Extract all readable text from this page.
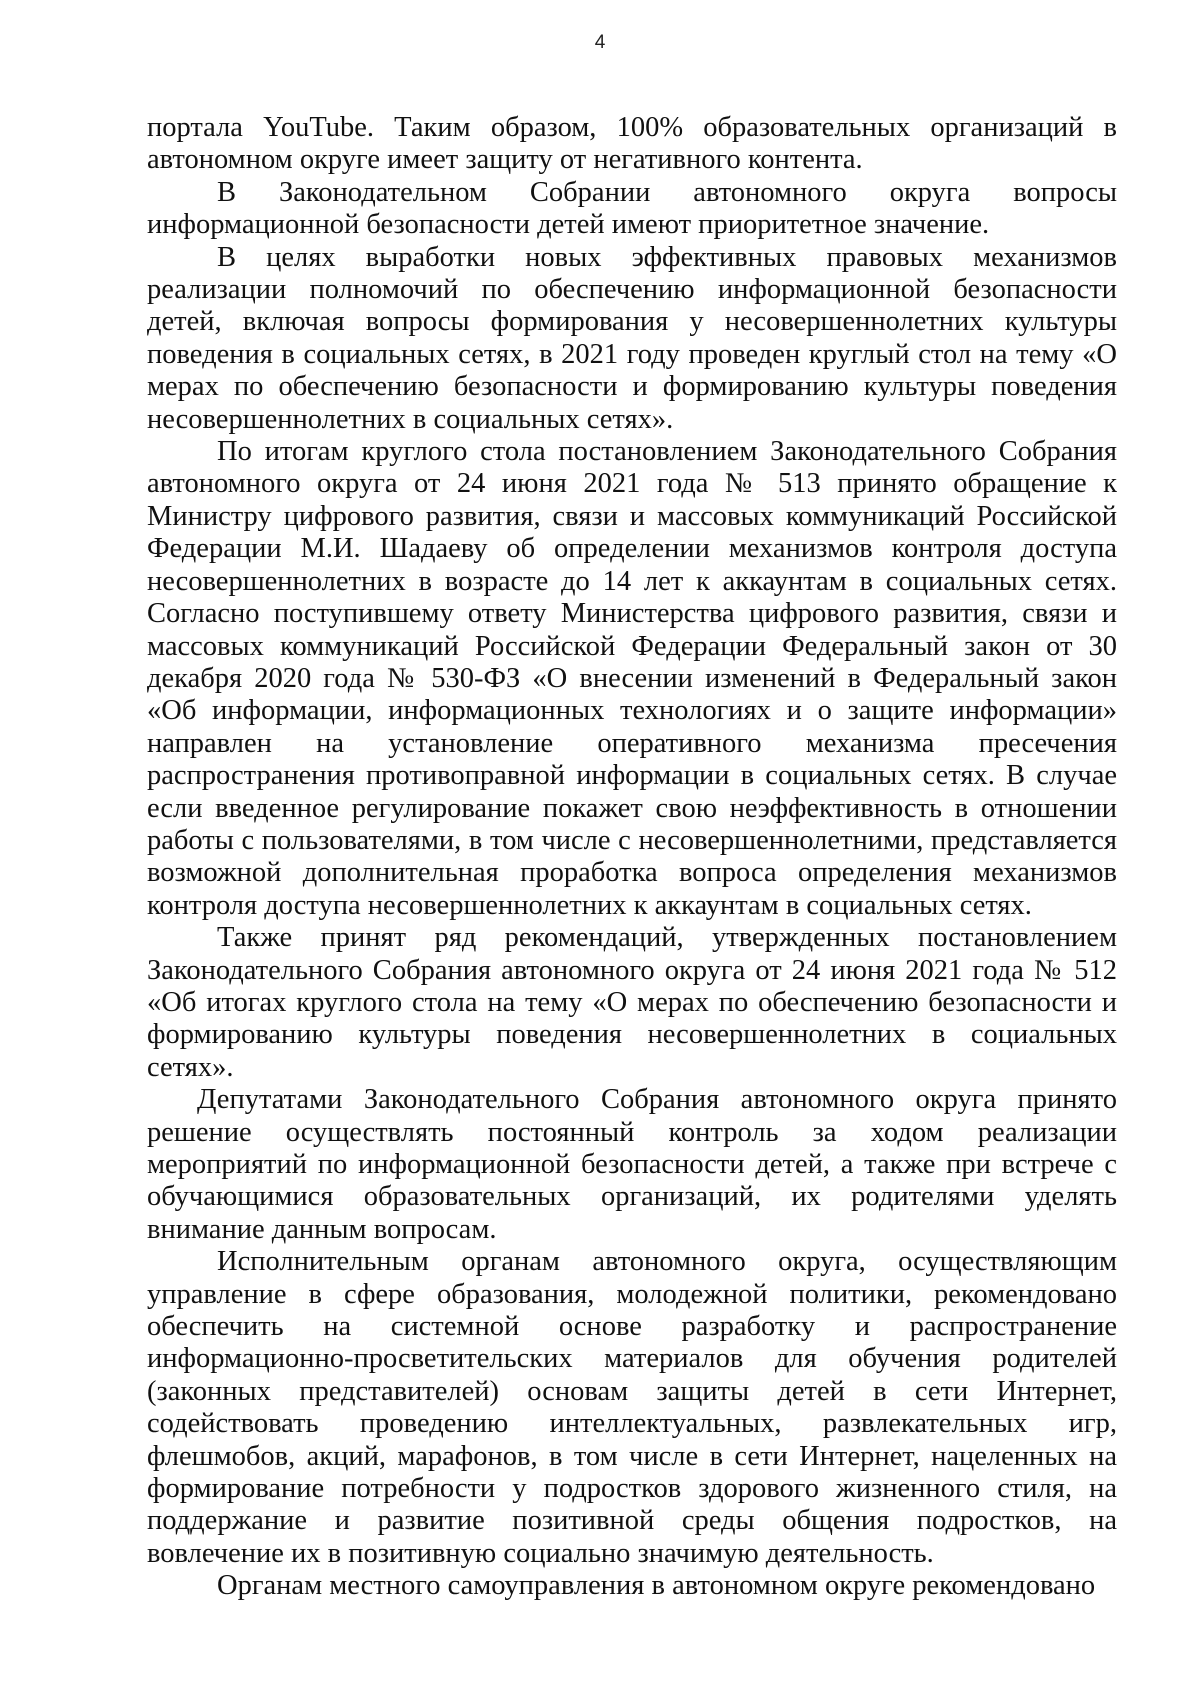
4

портала YouTube. Таким образом, 100% образовательных организаций в автономном округе имеет защиту от негативного контента.

В Законодательном Собрании автономного округа вопросы информационной безопасности детей имеют приоритетное значение.

В целях выработки новых эффективных правовых механизмов реализации полномочий по обеспечению информационной безопасности детей, включая вопросы формирования у несовершеннолетних культуры поведения в социальных сетях, в 2021 году проведен круглый стол на тему «О мерах по обеспечению безопасности и формированию культуры поведения несовершеннолетних в социальных сетях».

По итогам круглого стола постановлением Законодательного Собрания автономного округа от 24 июня 2021 года № 513 принято обращение к Министру цифрового развития, связи и массовых коммуникаций Российской Федерации М.И. Шадаеву об определении механизмов контроля доступа несовершеннолетних в возрасте до 14 лет к аккаунтам в социальных сетях. Согласно поступившему ответу Министерства цифрового развития, связи и массовых коммуникаций Российской Федерации Федеральный закон от 30 декабря 2020 года № 530-ФЗ «О внесении изменений в Федеральный закон «Об информации, информационных технологиях и о защите информации» направлен на установление оперативного механизма пресечения распространения противоправной информации в социальных сетях. В случае если введенное регулирование покажет свою неэффективность в отношении работы с пользователями, в том числе с несовершеннолетними, представляется возможной дополнительная проработка вопроса определения механизмов контроля доступа несовершеннолетних к аккаунтам в социальных сетях.

Также принят ряд рекомендаций, утвержденных постановлением Законодательного Собрания автономного округа от 24 июня 2021 года № 512 «Об итогах круглого стола на тему «О мерах по обеспечению безопасности и формированию культуры поведения несовершеннолетних в социальных сетях».

Депутатами Законодательного Собрания автономного округа принято решение осуществлять постоянный контроль за ходом реализации мероприятий по информационной безопасности детей, а также при встрече с обучающимися образовательных организаций, их родителями уделять внимание данным вопросам.

Исполнительным органам автономного округа, осуществляющим управление в сфере образования, молодежной политики, рекомендовано обеспечить на системной основе разработку и распространение информационно-просветительских материалов для обучения родителей (законных представителей) основам защиты детей в сети Интернет, содействовать проведению интеллектуальных, развлекательных игр, флешмобов, акций, марафонов, в том числе в сети Интернет, нацеленных на формирование потребности у подростков здорового жизненного стиля, на поддержание и развитие позитивной среды общения подростков, на вовлечение их в позитивную социально значимую деятельность.

Органам местного самоуправления в автономном округе рекомендовано
